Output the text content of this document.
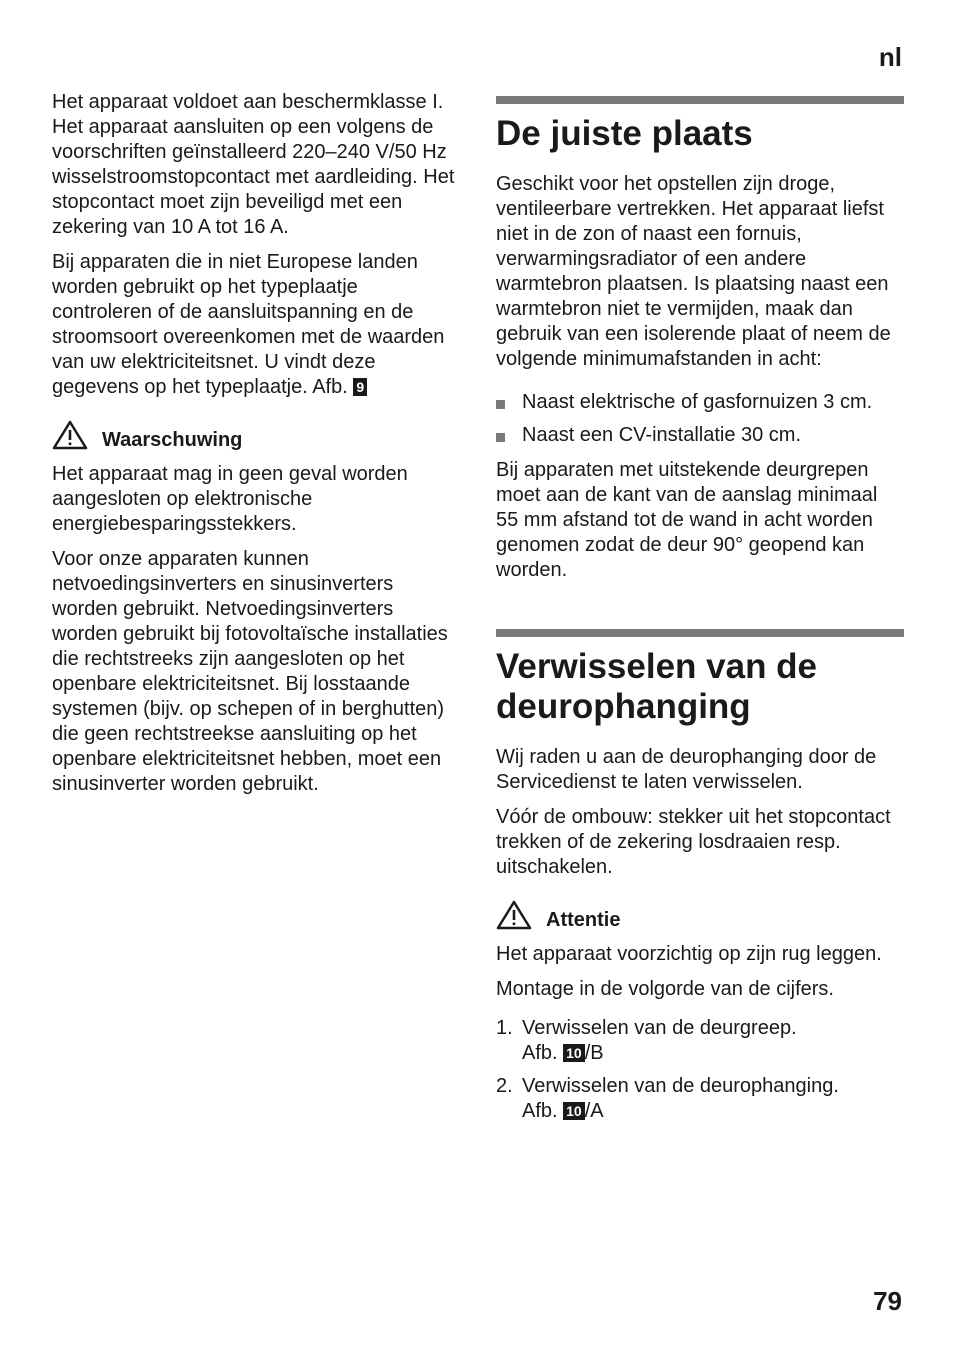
nl

Het apparaat voldoet aan beschermklasse I. Het apparaat aansluiten op een volgens de voorschriften geïnstalleerd 220–240 V/50 Hz wisselstroomstopcontact met aardleiding. Het stopcontact moet zijn beveiligd met een zekering van 10 A tot 16 A.

Bij apparaten die in niet Europese landen worden gebruikt op het typeplaatje controleren of de aansluitspanning en de stroomsoort overeenkomen met de waarden van uw elektriciteitsnet. U vindt deze gegevens op het typeplaatje. Afb. 9

Waarschuwing

Het apparaat mag in geen geval worden aangesloten op elektronische energiebesparingsstekkers.

Voor onze apparaten kunnen netvoedingsinverters en sinusinverters worden gebruikt. Netvoedingsinverters worden gebruikt bij fotovoltaïsche installaties die rechtstreeks zijn aangesloten op het openbare elektriciteitsnet. Bij losstaande systemen (bijv. op schepen of in berghutten) die geen rechtstreekse aansluiting op het openbare elektriciteitsnet hebben, moet een sinusinverter worden gebruikt.

De juiste plaats

Geschikt voor het opstellen zijn droge, ventileerbare vertrekken. Het apparaat liefst niet in de zon of naast een fornuis, verwarmingsradiator of een andere warmtebron plaatsen. Is plaatsing naast een warmtebron niet te vermijden, maak dan gebruik van een isolerende plaat of neem de volgende minimumafstanden in acht:

Naast elektrische of gasfornuizen 3 cm.
Naast een CV-installatie 30 cm.

Bij apparaten met uitstekende deurgrepen moet aan de kant van de aanslag minimaal 55 mm afstand tot de wand in acht worden genomen zodat de deur 90° geopend kan worden.

Verwisselen van de deurophanging

Wij raden u aan de deurophanging door de Servicedienst te laten verwisselen.

Vóór de ombouw: stekker uit het stopcontact trekken of de zekering losdraaien resp. uitschakelen.

Attentie

Het apparaat voorzichtig op zijn rug leggen.

Montage in de volgorde van de cijfers.

1. Verwisselen van de deurgreep.
Afb. 10 /B
2. Verwisselen van de deurophanging.
Afb. 10 /A
79
